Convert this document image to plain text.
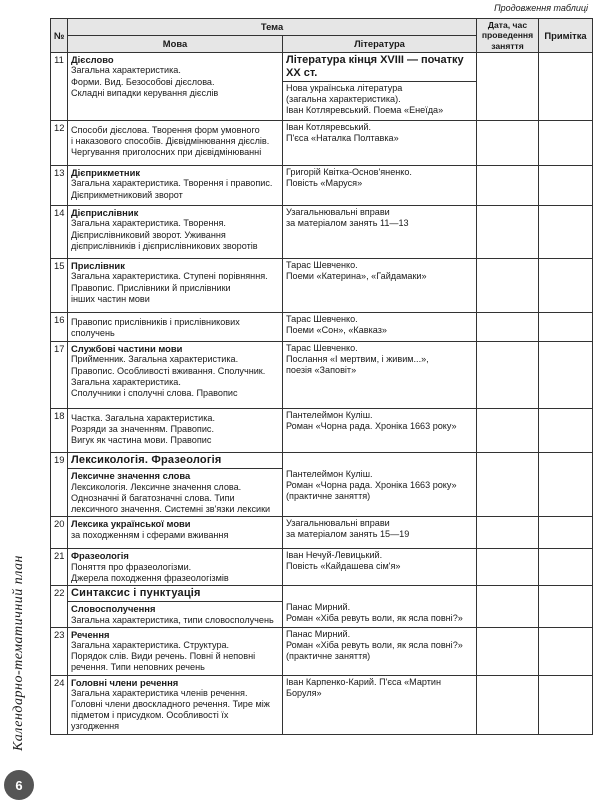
Продовження таблиці
Календарно-тематичний план
6
№	Тема		Дата, час проведення заняття	Примітка
	Мова	Література		
11	Дієслово
Загальна характеристика.
Форми. Вид. Безособові дієслова.
Складні випадки керування дієслів	Література кінця XVIII — початку XX ст.
Нова українська література
(загальна характеристика).
Іван Котляревський. Поема «Енеїда»		

12	Способи дієслова. Творення форм умовного
і наказового способів. Дієвідмінювання дієслів.
Чергування приголосних при дієвідмінюванні	Іван Котляревський.
П'єса «Наталка Полтавка»		

13	Дієприкметник
Загальна характеристика. Творення і правопис.
Дієприкметниковий зворот	Григорій Квітка-Основ'яненко.
Повість «Маруся»		

14	Дієприслівник
Загальна характеристика. Творення.
Дієприслівниковий зворот. Уживання
дієприслівників і дієприслівникових зворотів	Узагальнювальні вправи
за матеріалом занять 11—13		

15	Прислівник
Загальна характеристика. Ступені порівняння.
Правопис. Прислівники й прислівники
інших частин мови	Тарас Шевченко.
Поеми «Катерина», «Гайдамаки»		

16	Правопис прислівників і прислівникових
сполучень	Тарас Шевченко.
Поеми «Сон», «Кавказ»		

17	Службові частини мови
Прийменник. Загальна характеристика.
Правопис. Особливості вживання. Сполучник.
Загальна характеристика.
Сполучники і сполучні слова. Правопис	Тарас Шевченко.
Послання «І мертвим, і живим...»,
поезія «Заповіт»		

18	Частка. Загальна характеристика.
Розряди за значенням. Правопис.
Вигук як частина мови. Правопис	Пантелеймон Куліш.
Роман «Чорна рада. Хроніка 1663 року»		

19	Лексикологія. Фразеологія
Лексичне значення слова
Лексикологія. Лексичне значення слова.
Однозначні й багатозначні слова. Типи
лексичного значення. Системні зв'язки лексики	Пантелеймон Куліш.
Роман «Чорна рада. Хроніка 1663 року»
(практичне заняття)		

20	Лексика української мови
за походженням і сферами вживання	Узагальнювальні вправи
за матеріалом занять 15—19		

21	Фразеологія
Поняття про фразеологізми.
Джерела походження фразеологізмів	Іван Нечуй-Левицький.
Повість «Кайдашева сім'я»		

22	Синтаксис і пунктуація
Словосполучення
Загальна характеристика, типи словосполучень	Панас Мирний.
Роман «Хіба ревуть воли, як ясла повні?»		

23	Речення
Загальна характеристика. Структура.
Порядок слів. Види речень. Повні й неповні
речення. Типи неповних речень	Панас Мирний.
Роман «Хіба ревуть воли, як ясла повні?»
(практичне заняття)		

24	Головні члени речення
Загальна характеристика членів речення.
Головні члени двоскладного речення. Тире між
підметом і присудком. Особливості їх узгодження	Іван Карпенко-Карий. П'єса «Мартин
Боруля»		
